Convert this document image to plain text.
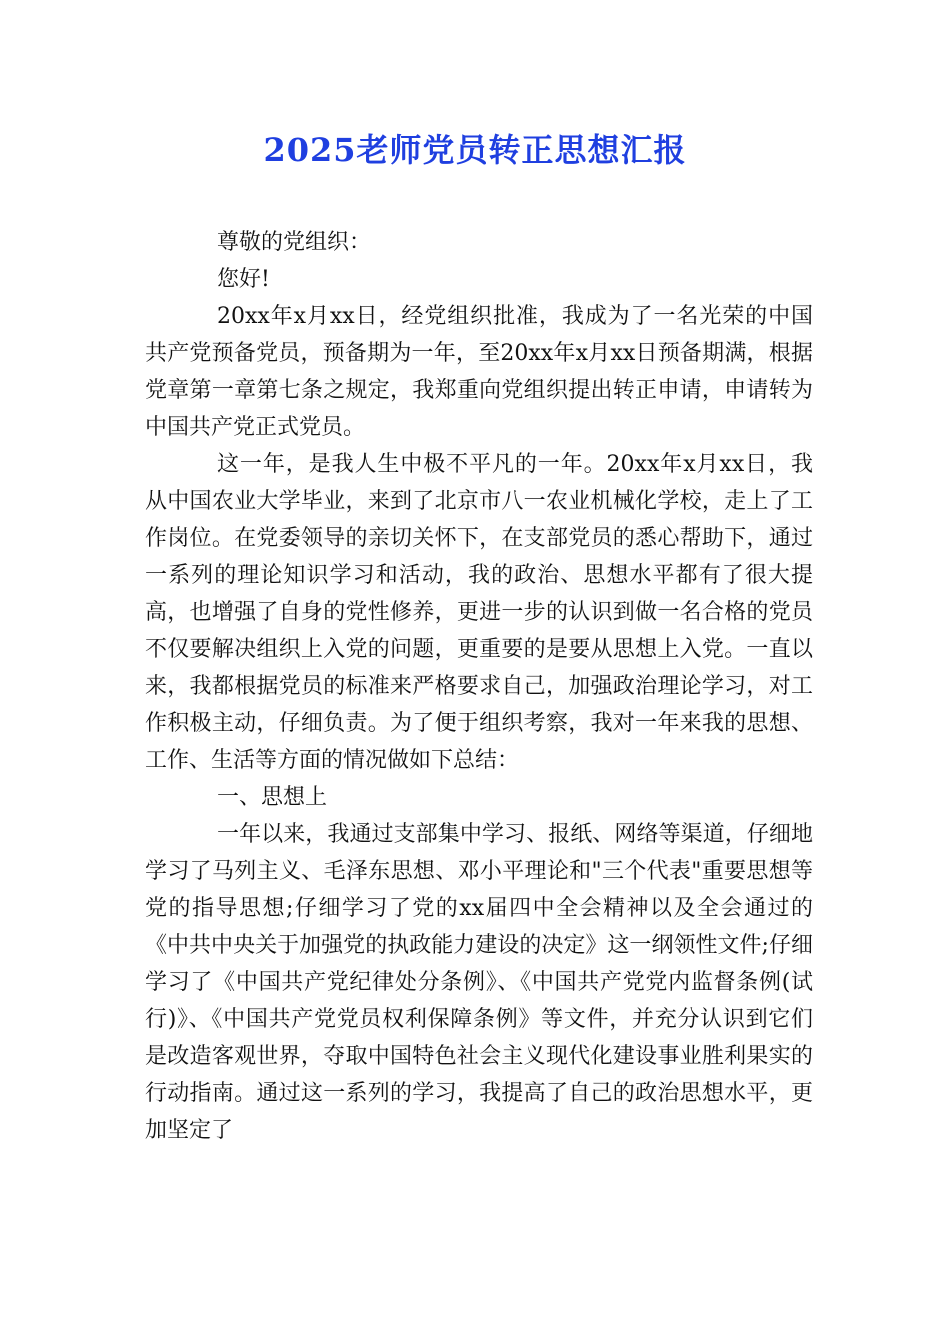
2025老师党员转正思想汇报

尊敬的党组织：

您好!

20xx年x月xx日，经党组织批准，我成为了一名光荣的中国共产党预备党员，预备期为一年，至20xx年x月xx日预备期满，根据党章第一章第七条之规定，我郑重向党组织提出转正申请，申请转为中国共产党正式党员。

这一年，是我人生中极不平凡的一年。20xx年x月xx日，我从中国农业大学毕业，来到了北京市八一农业机械化学校，走上了工作岗位。在党委领导的亲切关怀下，在支部党员的悉心帮助下，通过一系列的理论知识学习和活动，我的政治、思想水平都有了很大提高，也增强了自身的党性修养，更进一步的认识到做一名合格的党员不仅要解决组织上入党的问题，更重要的是要从思想上入党。一直以来，我都根据党员的标准来严格要求自己，加强政治理论学习，对工作积极主动，仔细负责。为了便于组织考察，我对一年来我的思想、工作、生活等方面的情况做如下总结：

一、思想上

一年以来，我通过支部集中学习、报纸、网络等渠道，仔细地学习了马列主义、毛泽东思想、邓小平理论和"三个代表"重要思想等党的指导思想;仔细学习了党的xx届四中全会精神以及全会通过的《中共中央关于加强党的执政能力建设的决定》这一纲领性文件;仔细学习了《中国共产党纪律处分条例》、《中国共产党党内监督条例(试行)》、《中国共产党党员权利保障条例》等文件，并充分认识到它们是改造客观世界，夺取中国特色社会主义现代化建设事业胜利果实的行动指南。通过这一系列的学习，我提高了自己的政治思想水平，更加坚定了
